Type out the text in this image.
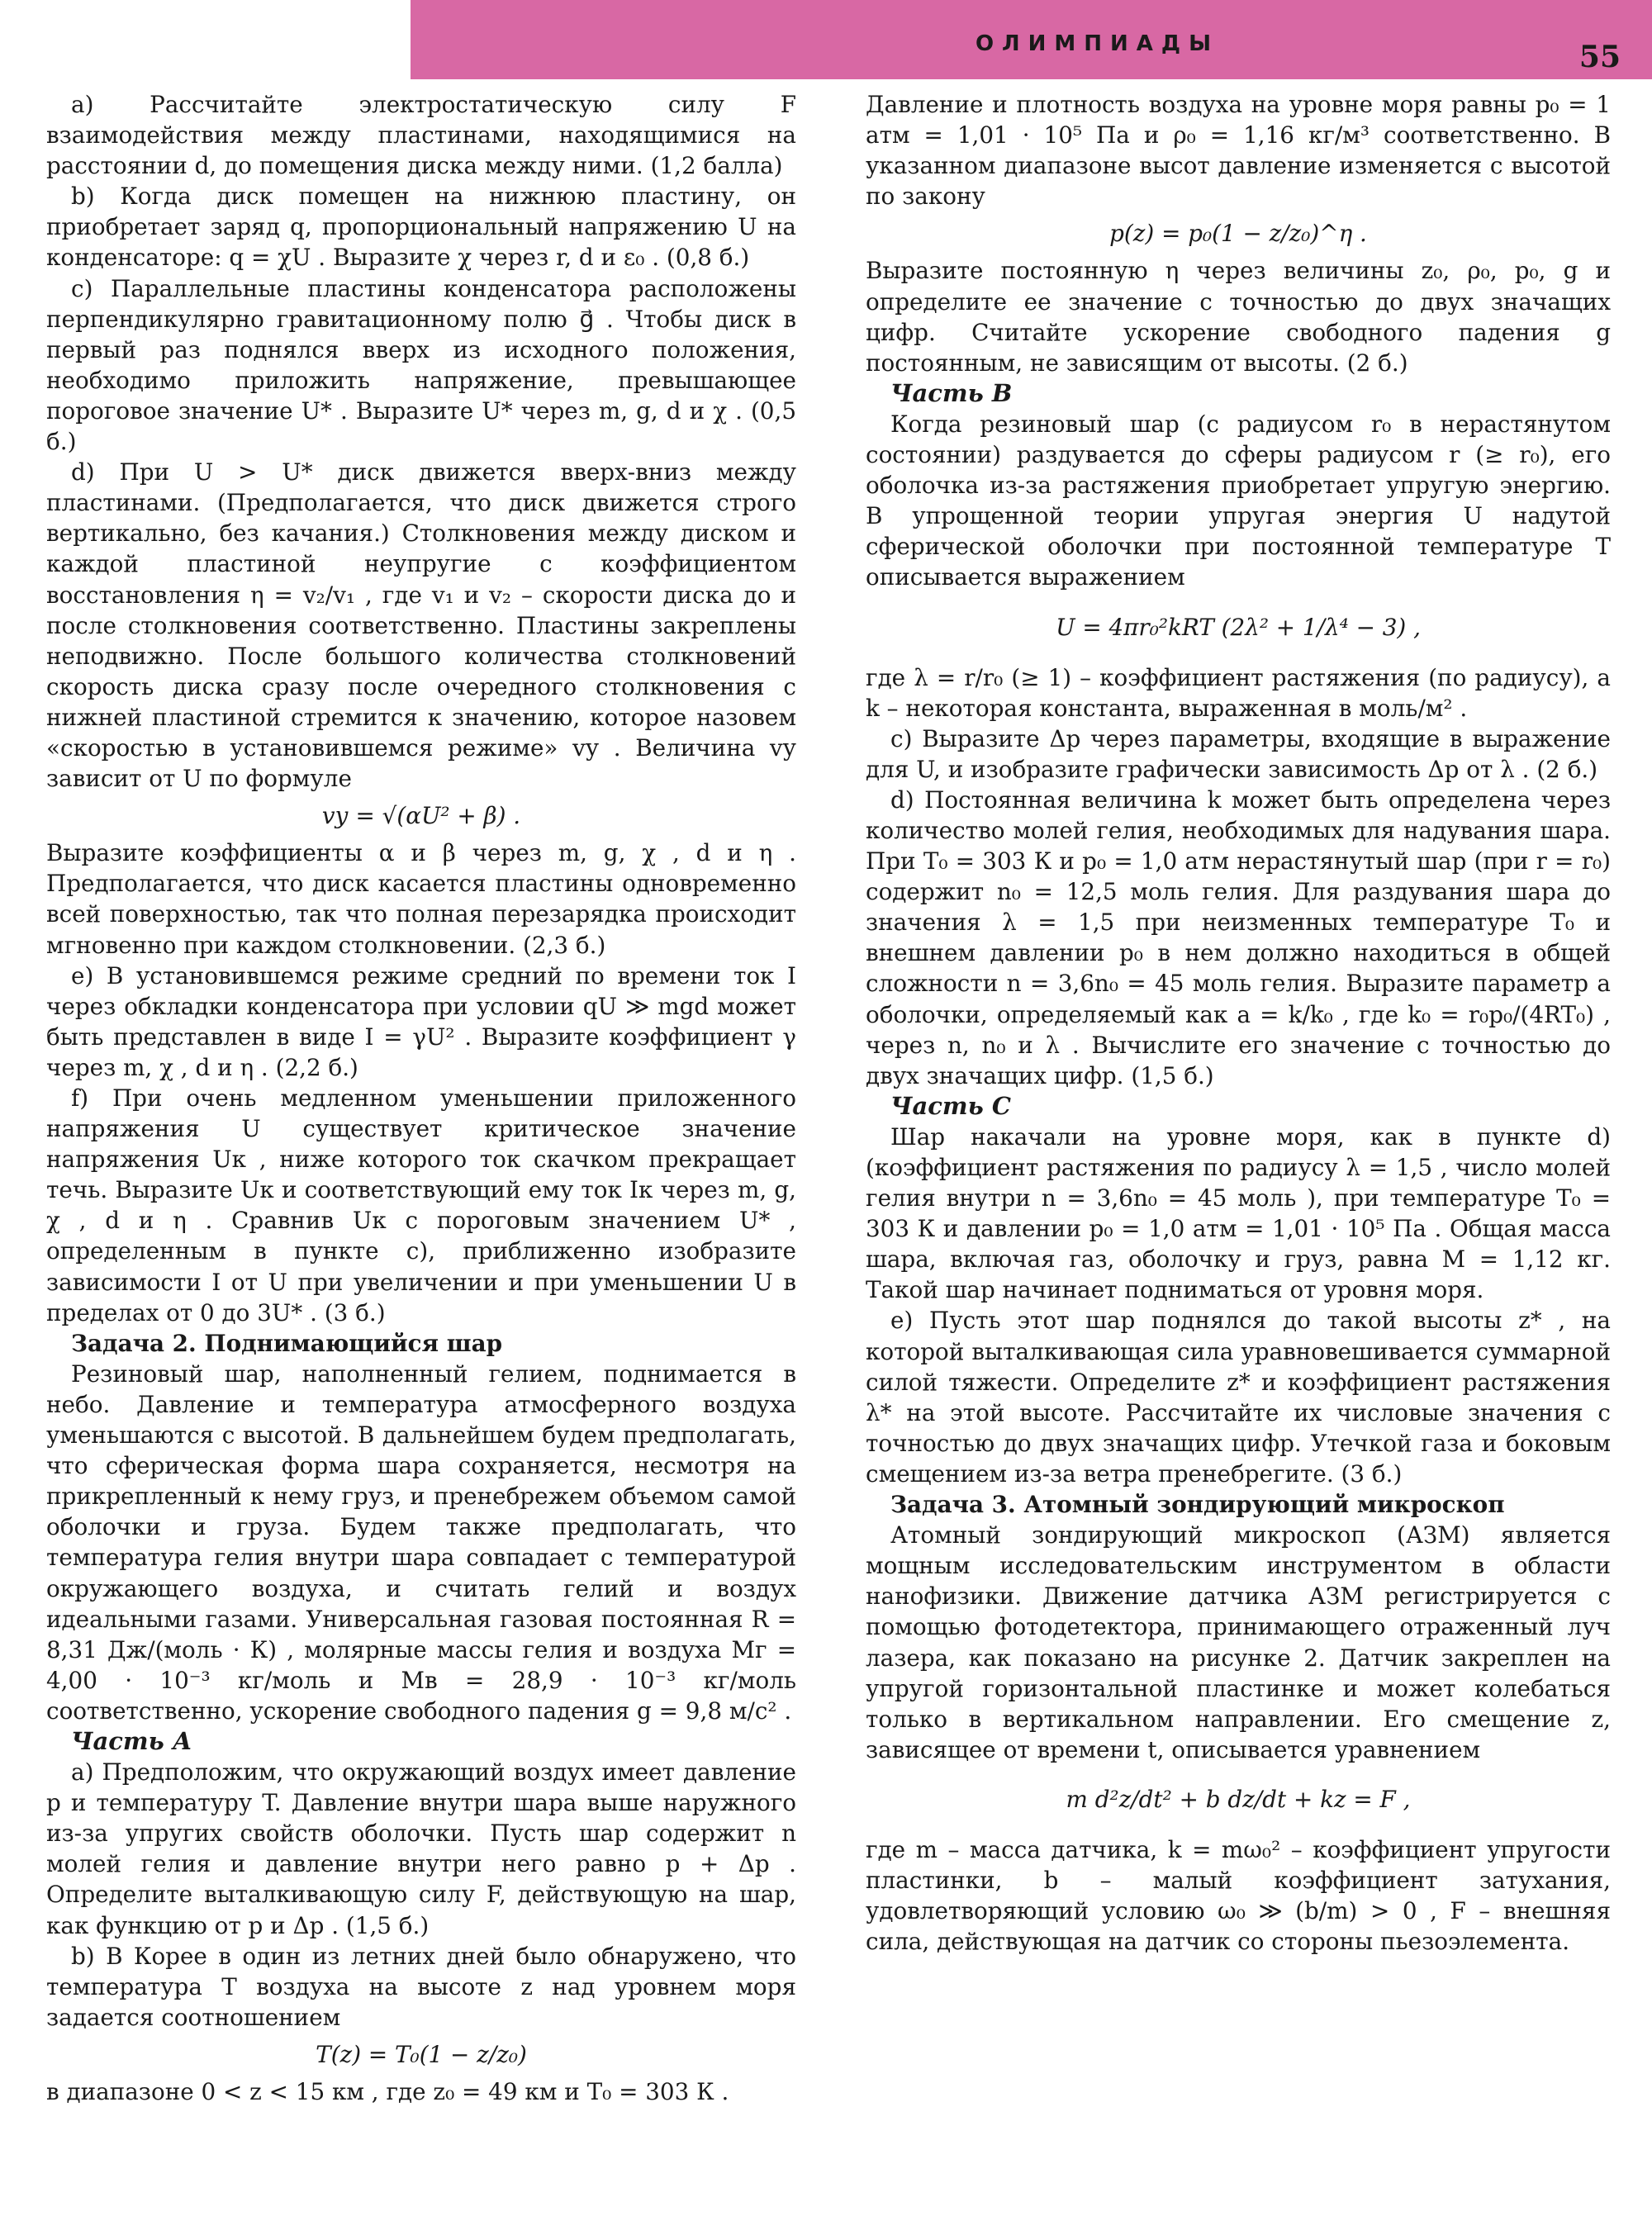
ОЛИМПИАДЫ	55

a) Рассчитайте электростатическую силу F взаимодействия между пластинами, находящимися на расстоянии d, до помещения диска между ними. (1,2 балла)

b) Когда диск помещен на нижнюю пластину, он приобретает заряд q, пропорциональный напряжению U на конденсаторе: q = χU . Выразите χ через r, d и ε₀ . (0,8 б.)

c) Параллельные пластины конденсатора расположены перпендикулярно гравитационному полю g⃗ . Чтобы диск в первый раз поднялся вверх из исходного положения, необходимо приложить напряжение, превышающее пороговое значение U* . Выразите U* через m, g, d и χ . (0,5 б.)

d) При U > U* диск движется вверх-вниз между пластинами. (Предполагается, что диск движется строго вертикально, без качания.) Столкновения между диском и каждой пластиной неупругие с коэффициентом восстановления η = v₂/v₁ , где v₁ и v₂ – скорости диска до и после столкновения соответственно. Пластины закреплены неподвижно. После большого количества столкновений скорость диска сразу после очередного столкновения с нижней пластиной стремится к значению, которое назовем «скоростью в установившемся режиме» vу . Величина vу зависит от U по формуле

vу = √(αU² + β) .

Выразите коэффициенты α и β через m, g, χ , d и η . Предполагается, что диск касается пластины одновременно всей поверхностью, так что полная перезарядка происходит мгновенно при каждом столкновении. (2,3 б.)

e) В установившемся режиме средний по времени ток I через обкладки конденсатора при условии qU ≫ mgd может быть представлен в виде I = γU² . Выразите коэффициент γ через m, χ , d и η . (2,2 б.)

f) При очень медленном уменьшении приложенного напряжения U существует критическое значение напряжения Uк , ниже которого ток скачком прекращает течь. Выразите Uк и соответствующий ему ток Iк через m, g, χ , d и η . Сравнив Uк с пороговым значением U* , определенным в пункте c), приближенно изобразите зависимости I от U при увеличении и при уменьшении U в пределах от 0 до 3U* . (3 б.)

Задача 2. Поднимающийся шар

Резиновый шар, наполненный гелием, поднимается в небо. Давление и температура атмосферного воздуха уменьшаются с высотой. В дальнейшем будем предполагать, что сферическая форма шара сохраняется, несмотря на прикрепленный к нему груз, и пренебрежем объемом самой оболочки и груза. Будем также предполагать, что температура гелия внутри шара совпадает с температурой окружающего воздуха, и считать гелий и воздух идеальными газами. Универсальная газовая постоянная R = 8,31 Дж/(моль · К) , молярные массы гелия и воздуха Mг = 4,00 · 10⁻³ кг/моль и Mв = 28,9 · 10⁻³ кг/моль соответственно, ускорение свободного падения g = 9,8 м/с² .

Часть А

a) Предположим, что окружающий воздух имеет давление p и температуру T. Давление внутри шара выше наружного из-за упругих свойств оболочки. Пусть шар содержит n молей гелия и давление внутри него равно p + Δp . Определите выталкивающую силу F, действующую на шар, как функцию от p и Δp . (1,5 б.)

b) В Корее в один из летних дней было обнаружено, что температура T воздуха на высоте z над уровнем моря задается соотношением

T(z) = T₀(1 − z/z₀)

в диапазоне 0 < z < 15 км , где z₀ = 49 км и T₀ = 303 К .

Давление и плотность воздуха на уровне моря равны p₀ = 1 атм = 1,01 · 10⁵ Па и ρ₀ = 1,16 кг/м³ соответственно. В указанном диапазоне высот давление изменяется с высотой по закону

p(z) = p₀(1 − z/z₀)^η .

Выразите постоянную η через величины z₀, ρ₀, p₀, g и определите ее значение с точностью до двух значащих цифр. Считайте ускорение свободного падения g постоянным, не зависящим от высоты. (2 б.)

Часть В

Когда резиновый шар (с радиусом r₀ в нерастянутом состоянии) раздувается до сферы радиусом r (≥ r₀), его оболочка из-за растяжения приобретает упругую энергию. В упрощенной теории упругая энергия U надутой сферической оболочки при постоянной температуре T описывается выражением

U = 4πr₀²kRT (2λ² + 1/λ⁴ − 3) ,

где λ = r/r₀ (≥ 1) – коэффициент растяжения (по радиусу), а k – некоторая константа, выраженная в моль/м² .

c) Выразите Δp через параметры, входящие в выражение для U, и изобразите графически зависимость Δp от λ . (2 б.)

d) Постоянная величина k может быть определена через количество молей гелия, необходимых для надувания шара. При T₀ = 303 К и p₀ = 1,0 атм нерастянутый шар (при r = r₀) содержит n₀ = 12,5 моль гелия. Для раздувания шара до значения λ = 1,5 при неизменных температуре T₀ и внешнем давлении p₀ в нем должно находиться в общей сложности n = 3,6n₀ = 45 моль гелия. Выразите параметр a оболочки, определяемый как a = k/k₀ , где k₀ = r₀p₀/(4RT₀) , через n, n₀ и λ . Вычислите его значение с точностью до двух значащих цифр. (1,5 б.)

Часть С

Шар накачали на уровне моря, как в пункте d) (коэффициент растяжения по радиусу λ = 1,5 , число молей гелия внутри n = 3,6n₀ = 45 моль ), при температуре T₀ = 303 К и давлении p₀ = 1,0 атм = 1,01 · 10⁵ Па . Общая масса шара, включая газ, оболочку и груз, равна M = 1,12 кг. Такой шар начинает подниматься от уровня моря.

e) Пусть этот шар поднялся до такой высоты z* , на которой выталкивающая сила уравновешивается суммарной силой тяжести. Определите z* и коэффициент растяжения λ* на этой высоте. Рассчитайте их числовые значения с точностью до двух значащих цифр. Утечкой газа и боковым смещением из-за ветра пренебрегите. (3 б.)

Задача 3. Атомный зондирующий микроскоп

Атомный зондирующий микроскоп (АЗМ) является мощным исследовательским инструментом в области нанофизики. Движение датчика АЗМ регистрируется с помощью фотодетектора, принимающего отраженный луч лазера, как показано на рисунке 2. Датчик закреплен на упругой горизонтальной пластинке и может колебаться только в вертикальном направлении. Его смещение z, зависящее от времени t, описывается уравнением

m d²z/dt² + b dz/dt + kz = F ,

где m – масса датчика, k = mω₀² – коэффициент упругости пластинки, b – малый коэффициент затухания, удовлетворяющий условию ω₀ ≫ (b/m) > 0 , F – внешняя сила, действующая на датчик со стороны пьезоэлемента.
